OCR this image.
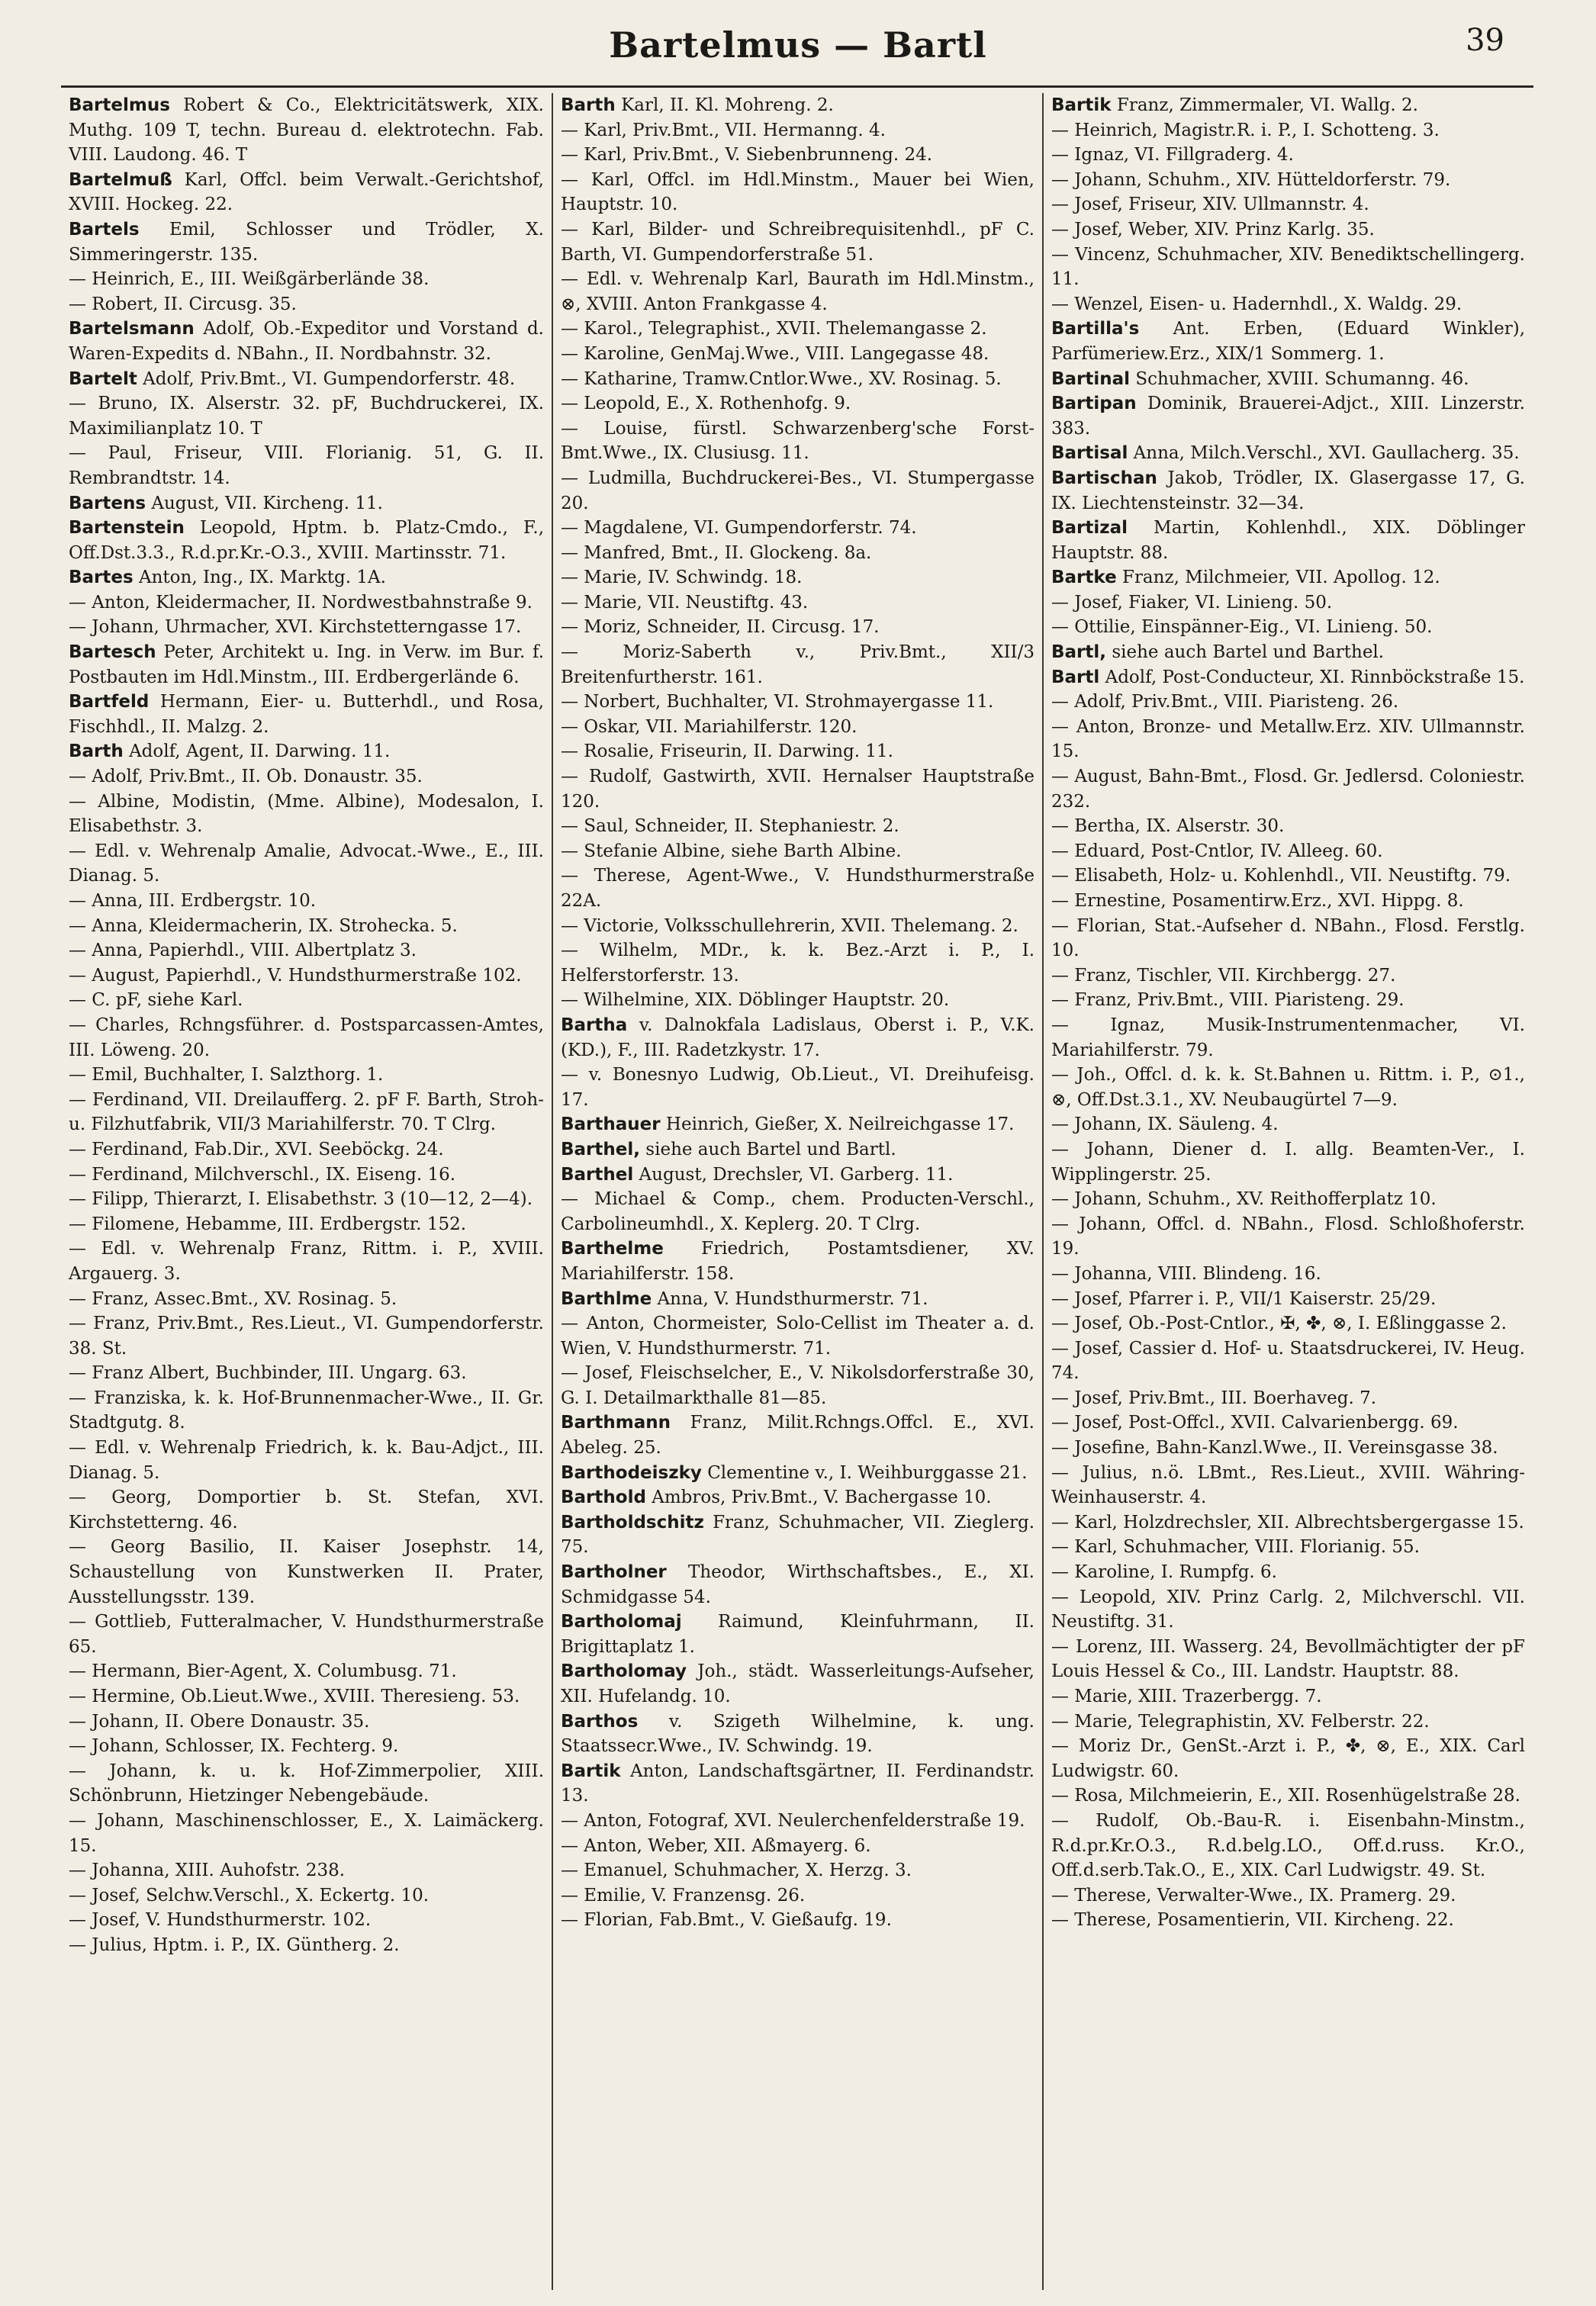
Bartelmus — Bartl	39

Bartelmus Robert & Co., Elektricitätswerk, XIX. Muthg. 109 T, techn. Bureau d. elektrotechn. Fab. VIII. Laudong. 46. T

Bartelmuß Karl, Offcl. beim Verwalt.-Gerichtshof, XVIII. Hockeg. 22.

Bartels Emil, Schlosser und Trödler, X. Simmeringerstr. 135.

— Heinrich, E., III. Weißgärberlände 38.

— Robert, II. Circusg. 35.

Bartelsmann Adolf, Ob.-Expeditor und Vorstand d. Waren-Expedits d. NBahn., II. Nordbahnstr. 32.

Bartelt Adolf, Priv.Bmt., VI. Gumpendorferstr. 48.

— Bruno, IX. Alserstr. 32. pF, Buchdruckerei, IX. Maximilianplatz 10. T

— Paul, Friseur, VIII. Florianig. 51, G. II. Rembrandtstr. 14.

Bartens August, VII. Kircheng. 11.

Bartenstein Leopold, Hptm. b. Platz-Cmdo., F., Off.Dst.3.3., R.d.pr.Kr.-O.3., XVIII. Martinsstr. 71.

Bartes Anton, Ing., IX. Marktg. 1A.

— Anton, Kleidermacher, II. Nordwestbahnstraße 9.

— Johann, Uhrmacher, XVI. Kirchstetterngasse 17.

Bartesch Peter, Architekt u. Ing. in Verw. im Bur. f. Postbauten im Hdl.Minstm., III. Erdbergerlände 6.

Bartfeld Hermann, Eier- u. Butterhdl., und Rosa, Fischhdl., II. Malzg. 2.

Barth Adolf, Agent, II. Darwing. 11.

— Adolf, Priv.Bmt., II. Ob. Donaustr. 35.

— Albine, Modistin, (Mme. Albine), Modesalon, I. Elisabethstr. 3.

— Edl. v. Wehrenalp Amalie, Advocat.-Wwe., E., III. Dianag. 5.

— Anna, III. Erdbergstr. 10.

— Anna, Kleidermacherin, IX. Strohecka. 5.

— Anna, Papierhdl., VIII. Albertplatz 3.

— August, Papierhdl., V. Hundsthurmerstraße 102.

— C. pF, siehe Karl.

— Charles, Rchngsführer. d. Postsparcassen-Amtes, III. Löweng. 20.

— Emil, Buchhalter, I. Salzthorg. 1.

— Ferdinand, VII. Dreilaufferg. 2. pF F. Barth, Stroh- u. Filzhutfabrik, VII/3 Mariahilferstr. 70. T Clrg.

— Ferdinand, Fab.Dir., XVI. Seeböckg. 24.

— Ferdinand, Milchverschl., IX. Eiseng. 16.

— Filipp, Thierarzt, I. Elisabethstr. 3 (10—12, 2—4).

— Filomene, Hebamme, III. Erdbergstr. 152.

— Edl. v. Wehrenalp Franz, Rittm. i. P., XVIII. Argauerg. 3.

— Franz, Assec.Bmt., XV. Rosinag. 5.

— Franz, Priv.Bmt., Res.Lieut., VI. Gumpendorferstr. 38. St.

— Franz Albert, Buchbinder, III. Ungarg. 63.

— Franziska, k. k. Hof-Brunnenmacher-Wwe., II. Gr. Stadtgutg. 8.

— Edl. v. Wehrenalp Friedrich, k. k. Bau-Adjct., III. Dianag. 5.

— Georg, Domportier b. St. Stefan, XVI. Kirchstetterng. 46.

— Georg Basilio, II. Kaiser Josephstr. 14, Schaustellung von Kunstwerken II. Prater, Ausstellungsstr. 139.

— Gottlieb, Futteralmacher, V. Hundsthurmerstraße 65.

— Hermann, Bier-Agent, X. Columbusg. 71.

— Hermine, Ob.Lieut.Wwe., XVIII. Theresieng. 53.

— Johann, II. Obere Donaustr. 35.

— Johann, Schlosser, IX. Fechterg. 9.

— Johann, k. u. k. Hof-Zimmerpolier, XIII. Schönbrunn, Hietzinger Nebengebäude.

— Johann, Maschinenschlosser, E., X. Laimäckerg. 15.

— Johanna, XIII. Auhofstr. 238.

— Josef, Selchw.Verschl., X. Eckertg. 10.

— Josef, V. Hundsthurmerstr. 102.

— Julius, Hptm. i. P., IX. Güntherg. 2.

Barth Karl, II. Kl. Mohreng. 2.

— Karl, Priv.Bmt., VII. Hermanng. 4.

— Karl, Priv.Bmt., V. Siebenbrunneng. 24.

— Karl, Offcl. im Hdl.Minstm., Mauer bei Wien, Hauptstr. 10.

— Karl, Bilder- und Schreibrequisitenhdl., pF C. Barth, VI. Gumpendorferstraße 51.

— Edl. v. Wehrenalp Karl, Baurath im Hdl.Minstm., ⊗, XVIII. Anton Frankgasse 4.

— Karol., Telegraphist., XVII. Thelemangasse 2.

— Karoline, GenMaj.Wwe., VIII. Langegasse 48.

— Katharine, Tramw.Cntlor.Wwe., XV. Rosinag. 5.

— Leopold, E., X. Rothenhofg. 9.

— Louise, fürstl. Schwarzenberg'sche Forst-Bmt.Wwe., IX. Clusiusg. 11.

— Ludmilla, Buchdruckerei-Bes., VI. Stumpergasse 20.

— Magdalene, VI. Gumpendorferstr. 74.

— Manfred, Bmt., II. Glockeng. 8a.

— Marie, IV. Schwindg. 18.

— Marie, VII. Neustiftg. 43.

— Moriz, Schneider, II. Circusg. 17.

— Moriz-Saberth v., Priv.Bmt., XII/3 Breitenfurtherstr. 161.

— Norbert, Buchhalter, VI. Strohmayergasse 11.

— Oskar, VII. Mariahilferstr. 120.

— Rosalie, Friseurin, II. Darwing. 11.

— Rudolf, Gastwirth, XVII. Hernalser Hauptstraße 120.

— Saul, Schneider, II. Stephaniestr. 2.

— Stefanie Albine, siehe Barth Albine.

— Therese, Agent-Wwe., V. Hundsthurmerstraße 22A.

— Victorie, Volksschullehrerin, XVII. Thelemang. 2.

— Wilhelm, MDr., k. k. Bez.-Arzt i. P., I. Helferstorferstr. 13.

— Wilhelmine, XIX. Döblinger Hauptstr. 20.

Bartha v. Dalnokfala Ladislaus, Oberst i. P., V.K. (KD.), F., III. Radetzkystr. 17.

— v. Bonesnyo Ludwig, Ob.Lieut., VI. Dreihufeisg. 17.

Barthauer Heinrich, Gießer, X. Neilreichgasse 17.

Barthel, siehe auch Bartel und Bartl.

Barthel August, Drechsler, VI. Garberg. 11.

— Michael & Comp., chem. Producten-Verschl., Carbolineumhdl., X. Keplerg. 20. T Clrg.

Barthelme Friedrich, Postamtsdiener, XV. Mariahilferstr. 158.

Barthlme Anna, V. Hundsthurmerstr. 71.

— Anton, Chormeister, Solo-Cellist im Theater a. d. Wien, V. Hundsthurmerstr. 71.

— Josef, Fleischselcher, E., V. Nikolsdorferstraße 30, G. I. Detailmarkthalle 81—85.

Barthmann Franz, Milit.Rchngs.Offcl. E., XVI. Abeleg. 25.

Barthodeiszky Clementine v., I. Weihburggasse 21.

Barthold Ambros, Priv.Bmt., V. Bachergasse 10.

Bartholdschitz Franz, Schuhmacher, VII. Zieglerg. 75.

Bartholner Theodor, Wirthschaftsbes., E., XI. Schmidgasse 54.

Bartholomaj Raimund, Kleinfuhrmann, II. Brigittaplatz 1.

Bartholomay Joh., städt. Wasserleitungs-Aufseher, XII. Hufelandg. 10.

Barthos v. Szigeth Wilhelmine, k. ung. Staatssecr.Wwe., IV. Schwindg. 19.

Bartik Anton, Landschaftsgärtner, II. Ferdinandstr. 13.

— Anton, Fotograf, XVI. Neulerchenfelderstraße 19.

— Anton, Weber, XII. Aßmayerg. 6.

— Emanuel, Schuhmacher, X. Herzg. 3.

— Emilie, V. Franzensg. 26.

— Florian, Fab.Bmt., V. Gießaufg. 19.

Bartik Franz, Zimmermaler, VI. Wallg. 2.

— Heinrich, Magistr.R. i. P., I. Schotteng. 3.

— Ignaz, VI. Fillgraderg. 4.

— Johann, Schuhm., XIV. Hütteldorferstr. 79.

— Josef, Friseur, XIV. Ullmannstr. 4.

— Josef, Weber, XIV. Prinz Karlg. 35.

— Vincenz, Schuhmacher, XIV. Benediktschellingerg. 11.

— Wenzel, Eisen- u. Hadernhdl., X. Waldg. 29.

Bartilla's Ant. Erben, (Eduard Winkler), Parfümeriew.Erz., XIX/1 Sommerg. 1.

Bartinal Schuhmacher, XVIII. Schumanng. 46.

Bartipan Dominik, Brauerei-Adjct., XIII. Linzerstr. 383.

Bartisal Anna, Milch.Verschl., XVI. Gaullacherg. 35.

Bartischan Jakob, Trödler, IX. Glasergasse 17, G. IX. Liechtensteinstr. 32—34.

Bartizal Martin, Kohlenhdl., XIX. Döblinger Hauptstr. 88.

Bartke Franz, Milchmeier, VII. Apollog. 12.

— Josef, Fiaker, VI. Linieng. 50.

— Ottilie, Einspänner-Eig., VI. Linieng. 50.

Bartl, siehe auch Bartel und Barthel.

Bartl Adolf, Post-Conducteur, XI. Rinnböckstraße 15.

— Adolf, Priv.Bmt., VIII. Piaristeng. 26.

— Anton, Bronze- und Metallw.Erz. XIV. Ullmannstr. 15.

— August, Bahn-Bmt., Flosd. Gr. Jedlersd. Coloniestr. 232.

— Bertha, IX. Alserstr. 30.

— Eduard, Post-Cntlor, IV. Alleeg. 60.

— Elisabeth, Holz- u. Kohlenhdl., VII. Neustiftg. 79.

— Ernestine, Posamentirw.Erz., XVI. Hippg. 8.

— Florian, Stat.-Aufseher d. NBahn., Flosd. Ferstlg. 10.

— Franz, Tischler, VII. Kirchbergg. 27.

— Franz, Priv.Bmt., VIII. Piaristeng. 29.

— Ignaz, Musik-Instrumentenmacher, VI. Mariahilferstr. 79.

— Joh., Offcl. d. k. k. St.Bahnen u. Rittm. i. P., ⊙1., ⊗, Off.Dst.3.1., XV. Neubaugürtel 7—9.

— Johann, IX. Säuleng. 4.

— Johann, Diener d. I. allg. Beamten-Ver., I. Wipplingerstr. 25.

— Johann, Schuhm., XV. Reithofferplatz 10.

— Johann, Offcl. d. NBahn., Flosd. Schloßhoferstr. 19.

— Johanna, VIII. Blindeng. 16.

— Josef, Pfarrer i. P., VII/1 Kaiserstr. 25/29.

— Josef, Ob.-Post-Cntlor., ✠, ✤, ⊗, I. Eßlinggasse 2.

— Josef, Cassier d. Hof- u. Staatsdruckerei, IV. Heug. 74.

— Josef, Priv.Bmt., III. Boerhaveg. 7.

— Josef, Post-Offcl., XVII. Calvarienbergg. 69.

— Josefine, Bahn-Kanzl.Wwe., II. Vereinsgasse 38.

— Julius, n.ö. LBmt., Res.Lieut., XVIII. Währing-Weinhauserstr. 4.

— Karl, Holzdrechsler, XII. Albrechtsbergergasse 15.

— Karl, Schuhmacher, VIII. Florianig. 55.

— Karoline, I. Rumpfg. 6.

— Leopold, XIV. Prinz Carlg. 2, Milchverschl. VII. Neustiftg. 31.

— Lorenz, III. Wasserg. 24, Bevollmächtigter der pF Louis Hessel & Co., III. Landstr. Hauptstr. 88.

— Marie, XIII. Trazerbergg. 7.

— Marie, Telegraphistin, XV. Felberstr. 22.

— Moriz Dr., GenSt.-Arzt i. P., ✤, ⊗, E., XIX. Carl Ludwigstr. 60.

— Rosa, Milchmeierin, E., XII. Rosenhügelstraße 28.

— Rudolf, Ob.-Bau-R. i. Eisenbahn-Minstm., R.d.pr.Kr.O.3., R.d.belg.LO., Off.d.russ. Kr.O., Off.d.serb.Tak.O., E., XIX. Carl Ludwigstr. 49. St.

— Therese, Verwalter-Wwe., IX. Pramerg. 29.

— Therese, Posamentierin, VII. Kircheng. 22.
